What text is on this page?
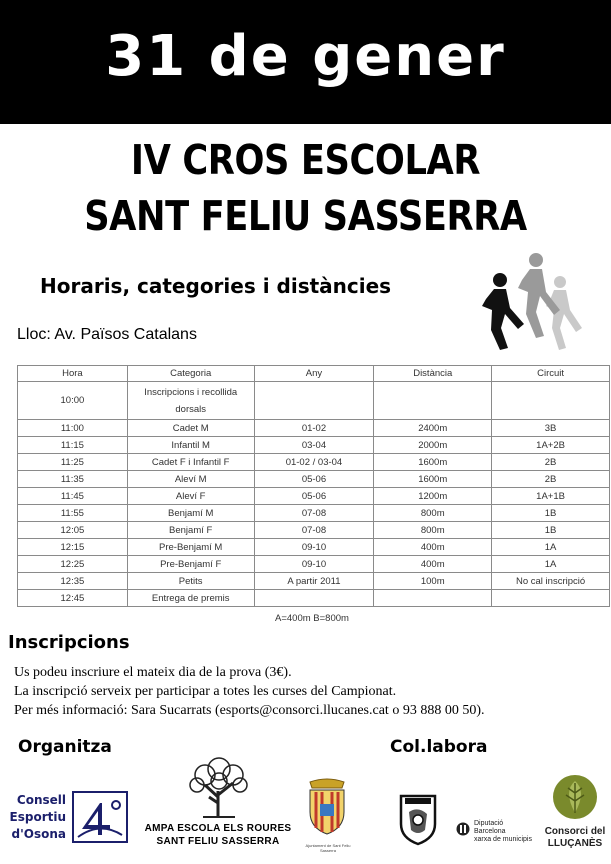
31 de gener
IV CROS ESCOLAR
SANT FELIU SASSERRA
Horaris, categories i distàncies
Lloc: Av. Països Catalans
Hora	Categoria	Any	Distància	Circuit
10:00	Inscripcions i recollida dorsals			
11:00	Cadet M	01-02	2400m	3B
11:15	Infantil M	03-04	2000m	1A+2B
11:25	Cadet F i Infantil F	01-02 / 03-04	1600m	2B
11:35	Aleví M	05-06	1600m	2B
11:45	Aleví F	05-06	1200m	1A+1B
11:55	Benjamí M	07-08	800m	1B
12:05	Benjamí F	07-08	800m	1B
12:15	Pre-Benjamí M	09-10	400m	1A
12:25	Pre-Benjamí F	09-10	400m	1A
12:35	Petits	A partir 2011	100m	No cal inscripció
12:45	Entrega de premis			
A=400m B=800m
Inscripcions
Us podeu inscriure el mateix dia de la prova (3€).
La inscripció serveix per participar a totes les curses del Campionat.
Per més informació: Sara Sucarrats (esports@consorci.llucanes.cat o 93 888 00 50).
Organitza	Col.labora
Consell
Esportiu
d'Osona	AMPA ESCOLA ELS ROURES
SANT FELIU SASSERRA	Ajuntament de Sant Feliu Sasserra
Diputació
Barcelona
xarxa de municipis
Consorci del
LLUÇANÈS
